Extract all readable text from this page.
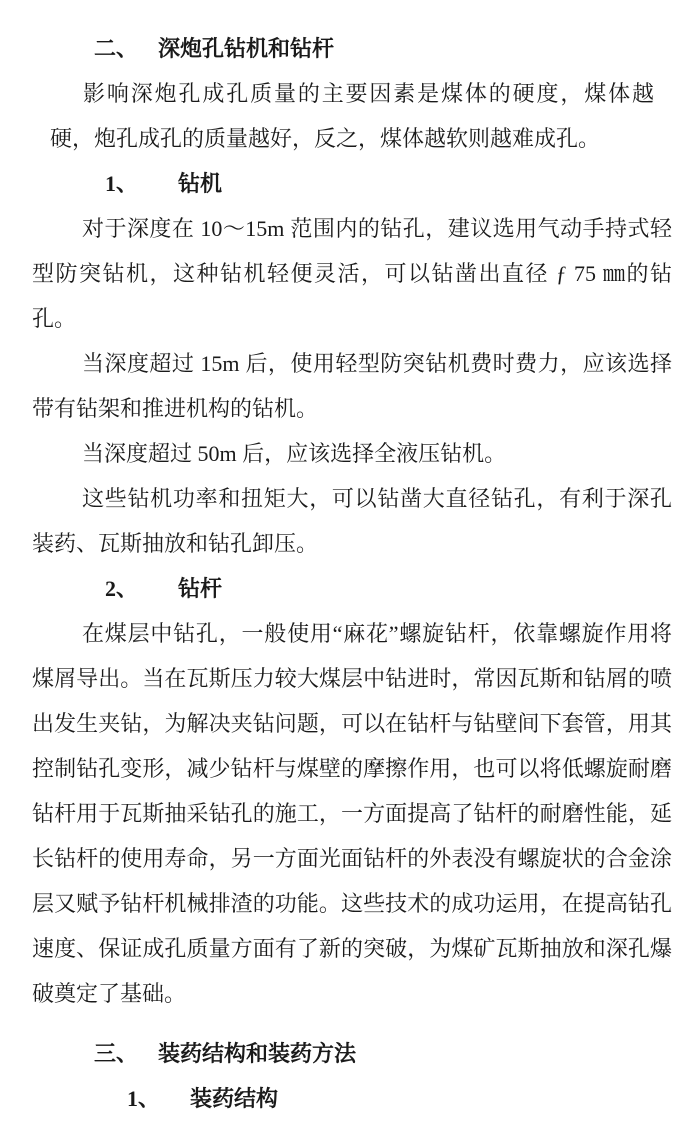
二、 深炮孔钻机和钻杆

影响深炮孔成孔质量的主要因素是煤体的硬度，煤体越硬，炮孔成孔的质量越好，反之，煤体越软则越难成孔。

1、 钻机

对于深度在 10～15m 范围内的钻孔，建议选用气动手持式轻型防突钻机，这种钻机轻便灵活，可以钻凿出直径 ƒ 75 ㎜的钻孔。

当深度超过 15m 后，使用轻型防突钻机费时费力，应该选择带有钻架和推进机构的钻机。

当深度超过 50m 后，应该选择全液压钻机。

这些钻机功率和扭矩大，可以钻凿大直径钻孔，有利于深孔装药、瓦斯抽放和钻孔卸压。

2、 钻杆

在煤层中钻孔，一般使用“麻花”螺旋钻杆，依靠螺旋作用将煤屑导出。当在瓦斯压力较大煤层中钻进时，常因瓦斯和钻屑的喷出发生夹钻，为解决夹钻问题，可以在钻杆与钻壁间下套管，用其控制钻孔变形，减少钻杆与煤壁的摩擦作用，也可以将低螺旋耐磨钻杆用于瓦斯抽采钻孔的施工，一方面提高了钻杆的耐磨性能，延长钻杆的使用寿命，另一方面光面钻杆的外表没有螺旋状的合金涂层又赋予钻杆机械排渣的功能。这些技术的成功运用，在提高钻孔速度、保证成孔质量方面有了新的突破，为煤矿瓦斯抽放和深孔爆破奠定了基础。

三、 装药结构和装药方法
1、 装药结构
